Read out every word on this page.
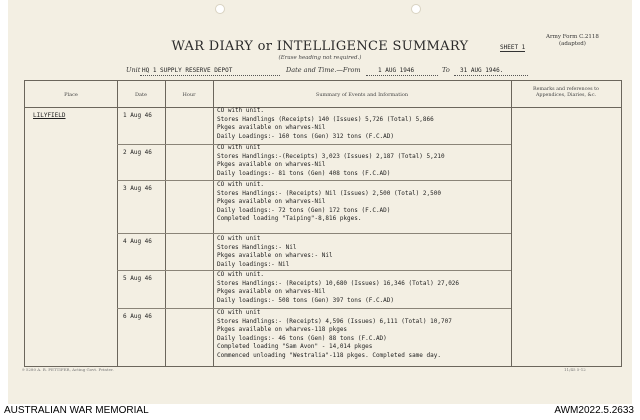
Army Form C.2118
(adapted)
WAR DIARY or INTELLIGENCE SUMMARY
(Erase heading not required.)
SHEET 1
Unit HQ 1 SUPPLY RESERVE DEPOT	Date and Time.—From	1 AUG 1946	To 31 AUG 1946.
Place	Date	Hour	Summary of Events and Information
Remarks and references to
Appendices, Diaries, &c.
LILYFIELD	1 Aug 46
CO with unit.
Stores Handlings (Receipts) 140 (Issues) 5,726 (Total) 5,866
Pkges available on wharves-Nil
Daily Loadings:- 160 tons (Gen) 312 tons (F.C.AD)
2 Aug 46
CO with unit
Stores Handlings:-(Receipts) 3,023 (Issues) 2,187 (Total) 5,210
Pkges available on wharves-Nil
Daily loadings:- 81 tons (Gen) 408 tons (F.C.AD)
3 Aug 46
CO with unit.
Stores Handlings:- (Receipts) Nil (Issues) 2,500 (Total) 2,500
Pkges available on wharves-Nil
Daily loadings:- 72 tons (Gen) 172 tons (F.C.AD)
Completed loading "Taiping"-8,816 pkges.
4 Aug 46	CO with unit
Stores Handlings:- Nil
Pkges available on wharves:- Nil
Daily loadings:- Nil
5 Aug 46
CO with unit.
Stores Handlings:- (Receipts) 10,680 (Issues) 16,346 (Total) 27,026
Pkges available on wharves-Nil
Daily loadings:- 508 tons (Gen) 397 tons (F.C.AD)
6 Aug 46
CO with unit
Stores Handlings:- (Receipts) 4,596 (Issues) 6,111 (Total) 10,707
Pkges available on wharves-118 pkges
Daily loadings:- 46 tons (Gen) 88 tons (F.C.AD)
Completed loading "Sam Avon" - 14,014 pkges
Commenced unloading "Westralia"-118 pkges. Completed same day.
9 5280 A. R. PETTIFER, Acting Govt. Printer.	11/45 5-12
AUSTRALIAN WAR MEMORIAL	AWM2022.5.2633
